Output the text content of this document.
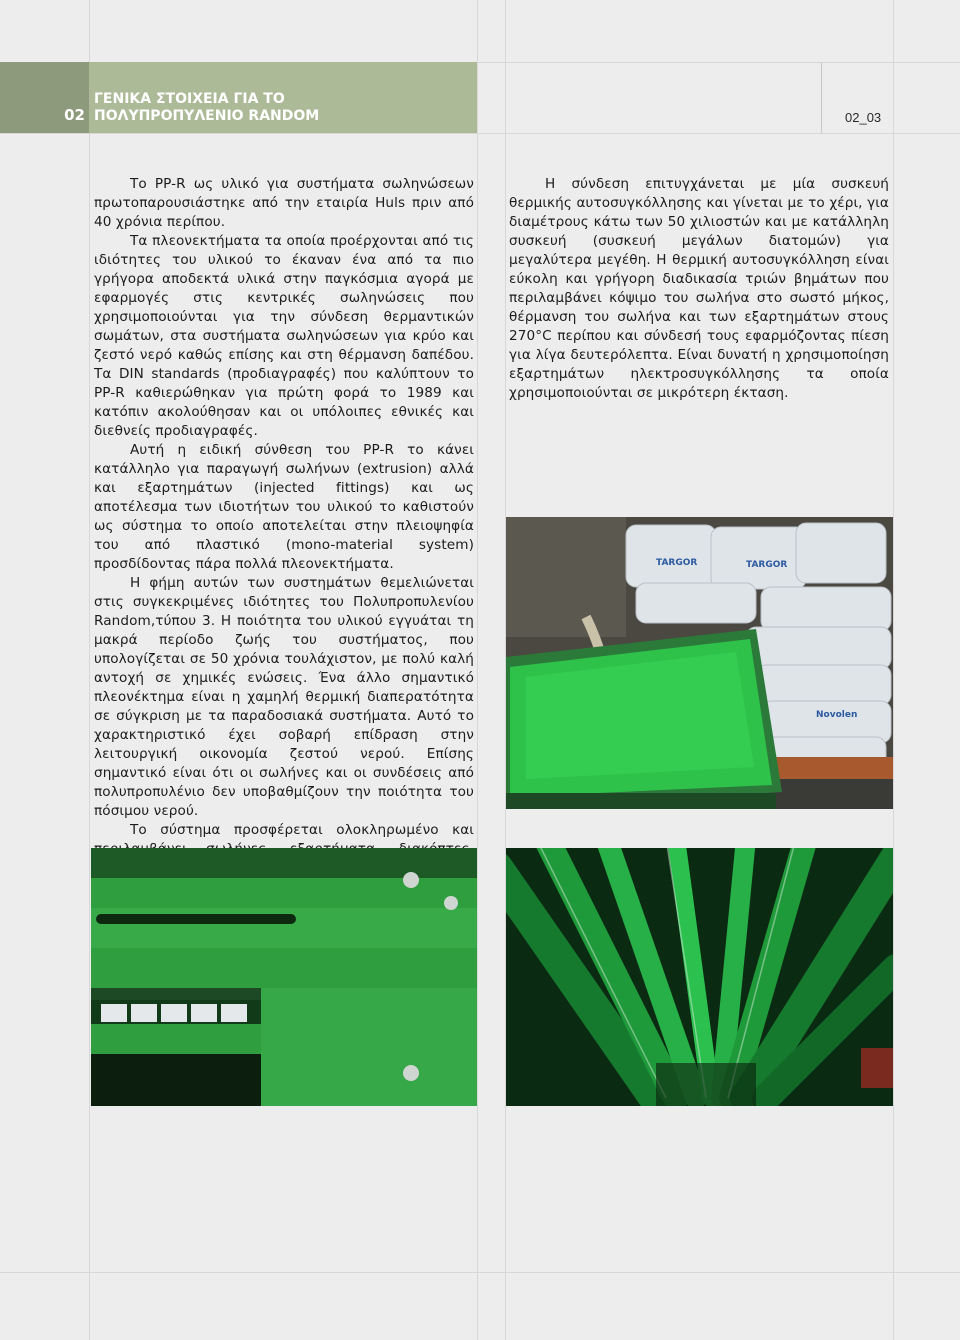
02
ΓΕΝΙΚΑ ΣΤΟΙΧΕΙΑ ΓΙΑ ΤΟ
ΠΟΛΥΠΡΟΠΥΛΕΝΙΟ RANDOM	02_03

Το PP-R ως υλικό για συστήματα σωληνώσεων πρωτοπαρουσιάστηκε από την εταιρία Huls πριν από 40 χρόνια περίπου.

Τα πλεονεκτήματα τα οποία προέρχονται από τις ιδιότητες του υλικού το έκαναν ένα από τα πιο γρήγορα αποδεκτά υλικά στην παγκόσμια αγορά με εφαρμογές στις κεντρικές σωληνώσεις που χρησιμοποιούνται για την σύνδεση θερμαντικών σωμάτων, στα συστήματα σωληνώσεων για κρύο και ζεστό νερό καθώς επίσης και στη θέρμανση δαπέδου. Τα DIN standards (προδιαγραφές) που καλύπτουν το PP-R καθιερώθηκαν για πρώτη φορά το 1989 και κατόπιν ακολούθησαν και οι υπόλοιπες εθνικές και διεθνείς προδιαγραφές.

Αυτή η ειδική σύνθεση του PP-R το κάνει κατάλληλο για παραγωγή σωλήνων (extrusion) αλλά και εξαρτημάτων (injected fittings) και ως αποτέλεσμα των ιδιοτήτων του υλικού το καθιστούν ως σύστημα το οποίο αποτελείται στην πλειοψηφία του από πλαστικό (mono-material system) προσδίδοντας πάρα πολλά πλεονεκτήματα.

Η φήμη αυτών των συστημάτων θεμελιώνεται στις συγκεκριμένες ιδιότητες του Πολυπροπυλενίου Random,τύπου 3. Η ποιότητα του υλικού εγγυάται τη μακρά περίοδο ζωής του συστήματος, που υπολογίζεται σε 50 χρόνια τουλάχιστον, με πολύ καλή αντοχή σε χημικές ενώσεις. Ένα άλλο σημαντικό πλεονέκτημα είναι η χαμηλή θερμική διαπερατότητα σε σύγκριση με τα παραδοσιακά συστήματα. Αυτό το χαρακτηριστικό έχει σοβαρή επίδραση στην λειτουργική οικονομία ζεστού νερού. Επίσης σημαντικό είναι ότι οι σωλήνες και οι συνδέσεις από πολυπροπυλένιο δεν υποβαθμίζουν την ποιότητα του πόσιμου νερού.

Το σύστημα προσφέρεται ολοκληρωμένο και

Η σύνδεση επιτυγχάνεται με μία συσκευή θερμικής αυτοσυγκόλλησης και γίνεται με το χέρι, για διαμέτρους κάτω των 50 χιλιοστών και με κατάλληλη συσκευή (συσκευή μεγάλων διατομών) για μεγαλύτερα μεγέθη. Η θερμική αυτοσυγκόλληση είναι εύκολη και γρήγορη διαδικασία τριών βημάτων που περιλαμβάνει κόψιμο του σωλήνα στο σωστό μήκος, θέρμανση του σωλήνα και των εξαρτημάτων στους 270°C περίπου και σύνδεσή τους εφαρμόζοντας πίεση για λίγα δευτερόλεπτα. Είναι δυνατή η χρησιμοποίηση εξαρτημάτων ηλεκτροσυγκόλλησης τα οποία χρησιμοποιούνται σε μικρότερη έκταση.

TARGOR	TARGOR
Novolen
